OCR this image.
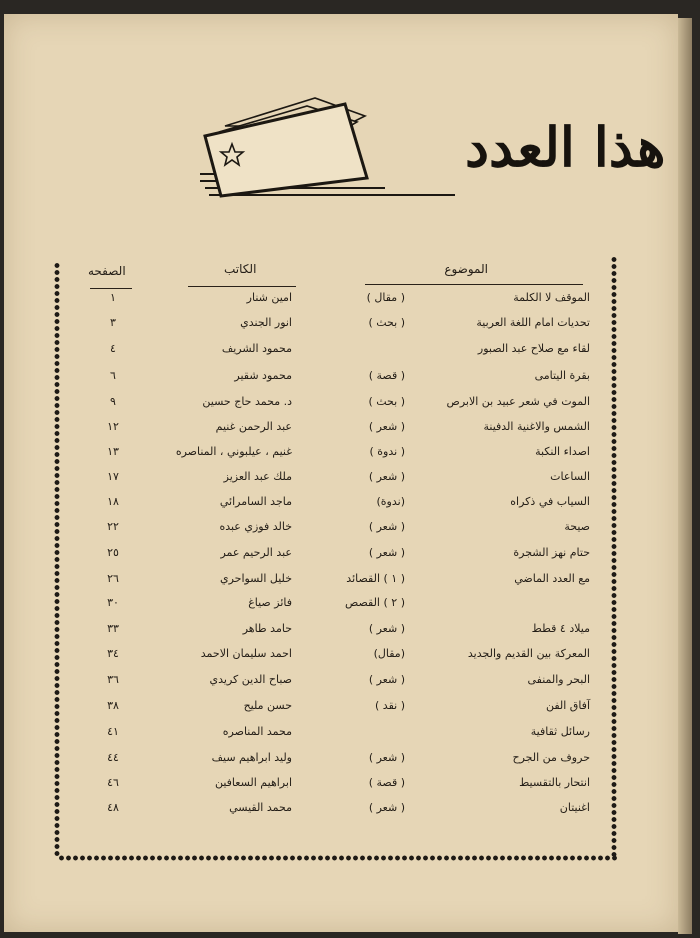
هذا العدد
الموضوع
الكاتب
الصفحه
الموقف لا الكلمة
( مقال )
امين شنار
١
تحديات امام اللغة العربية
( بحث )
انور الجندي
٣
لقاء مع صلاح عبد الصبور
محمود الشريف
٤
بقرة اليتامى
( قصة )
محمود شقير
٦
الموت في شعر عبيد بن الابرص
( بحث )
د. محمد حاج حسين
٩
الشمس والاغنية الدفينة
( شعر )
عبد الرحمن غنيم
١٢
اصداء النكبة
( ندوة )
غنيم ، عيلبوني ، المناصره
١٣
الساعات
( شعر )
ملك عبد العزيز
١٧
السياب في ذكراه
(ندوة)
ماجد السامرائي
١٨
صيحة
( شعر )
خالد فوزي عبده
٢٢
حتام نهز الشجرة
( شعر )
عبد الرحيم عمر
٢٥
مع العدد الماضي
( ١ ) القصائد
خليل السواحري
٢٦
( ٢ ) القصص
فائز صياغ
٣٠
ميلاد ٤ قطط
( شعر )
حامد طاهر
٣٣
المعركة بين القديم والجديد
(مقال)
احمد سليمان الاحمد
٣٤
البحر والمنفى
( شعر )
صباح الدين كريدي
٣٦
آفاق الفن
( نقد )
حسن مليح
٣٨
رسائل ثقافية
محمد المناصره
٤١
حروف من الجرح
( شعر )
وليد ابراهيم سيف
٤٤
انتحار بالتقسيط
( قصة )
ابراهيم السعافين
٤٦
اغنيتان
( شعر )
محمد القيسي
٤٨
